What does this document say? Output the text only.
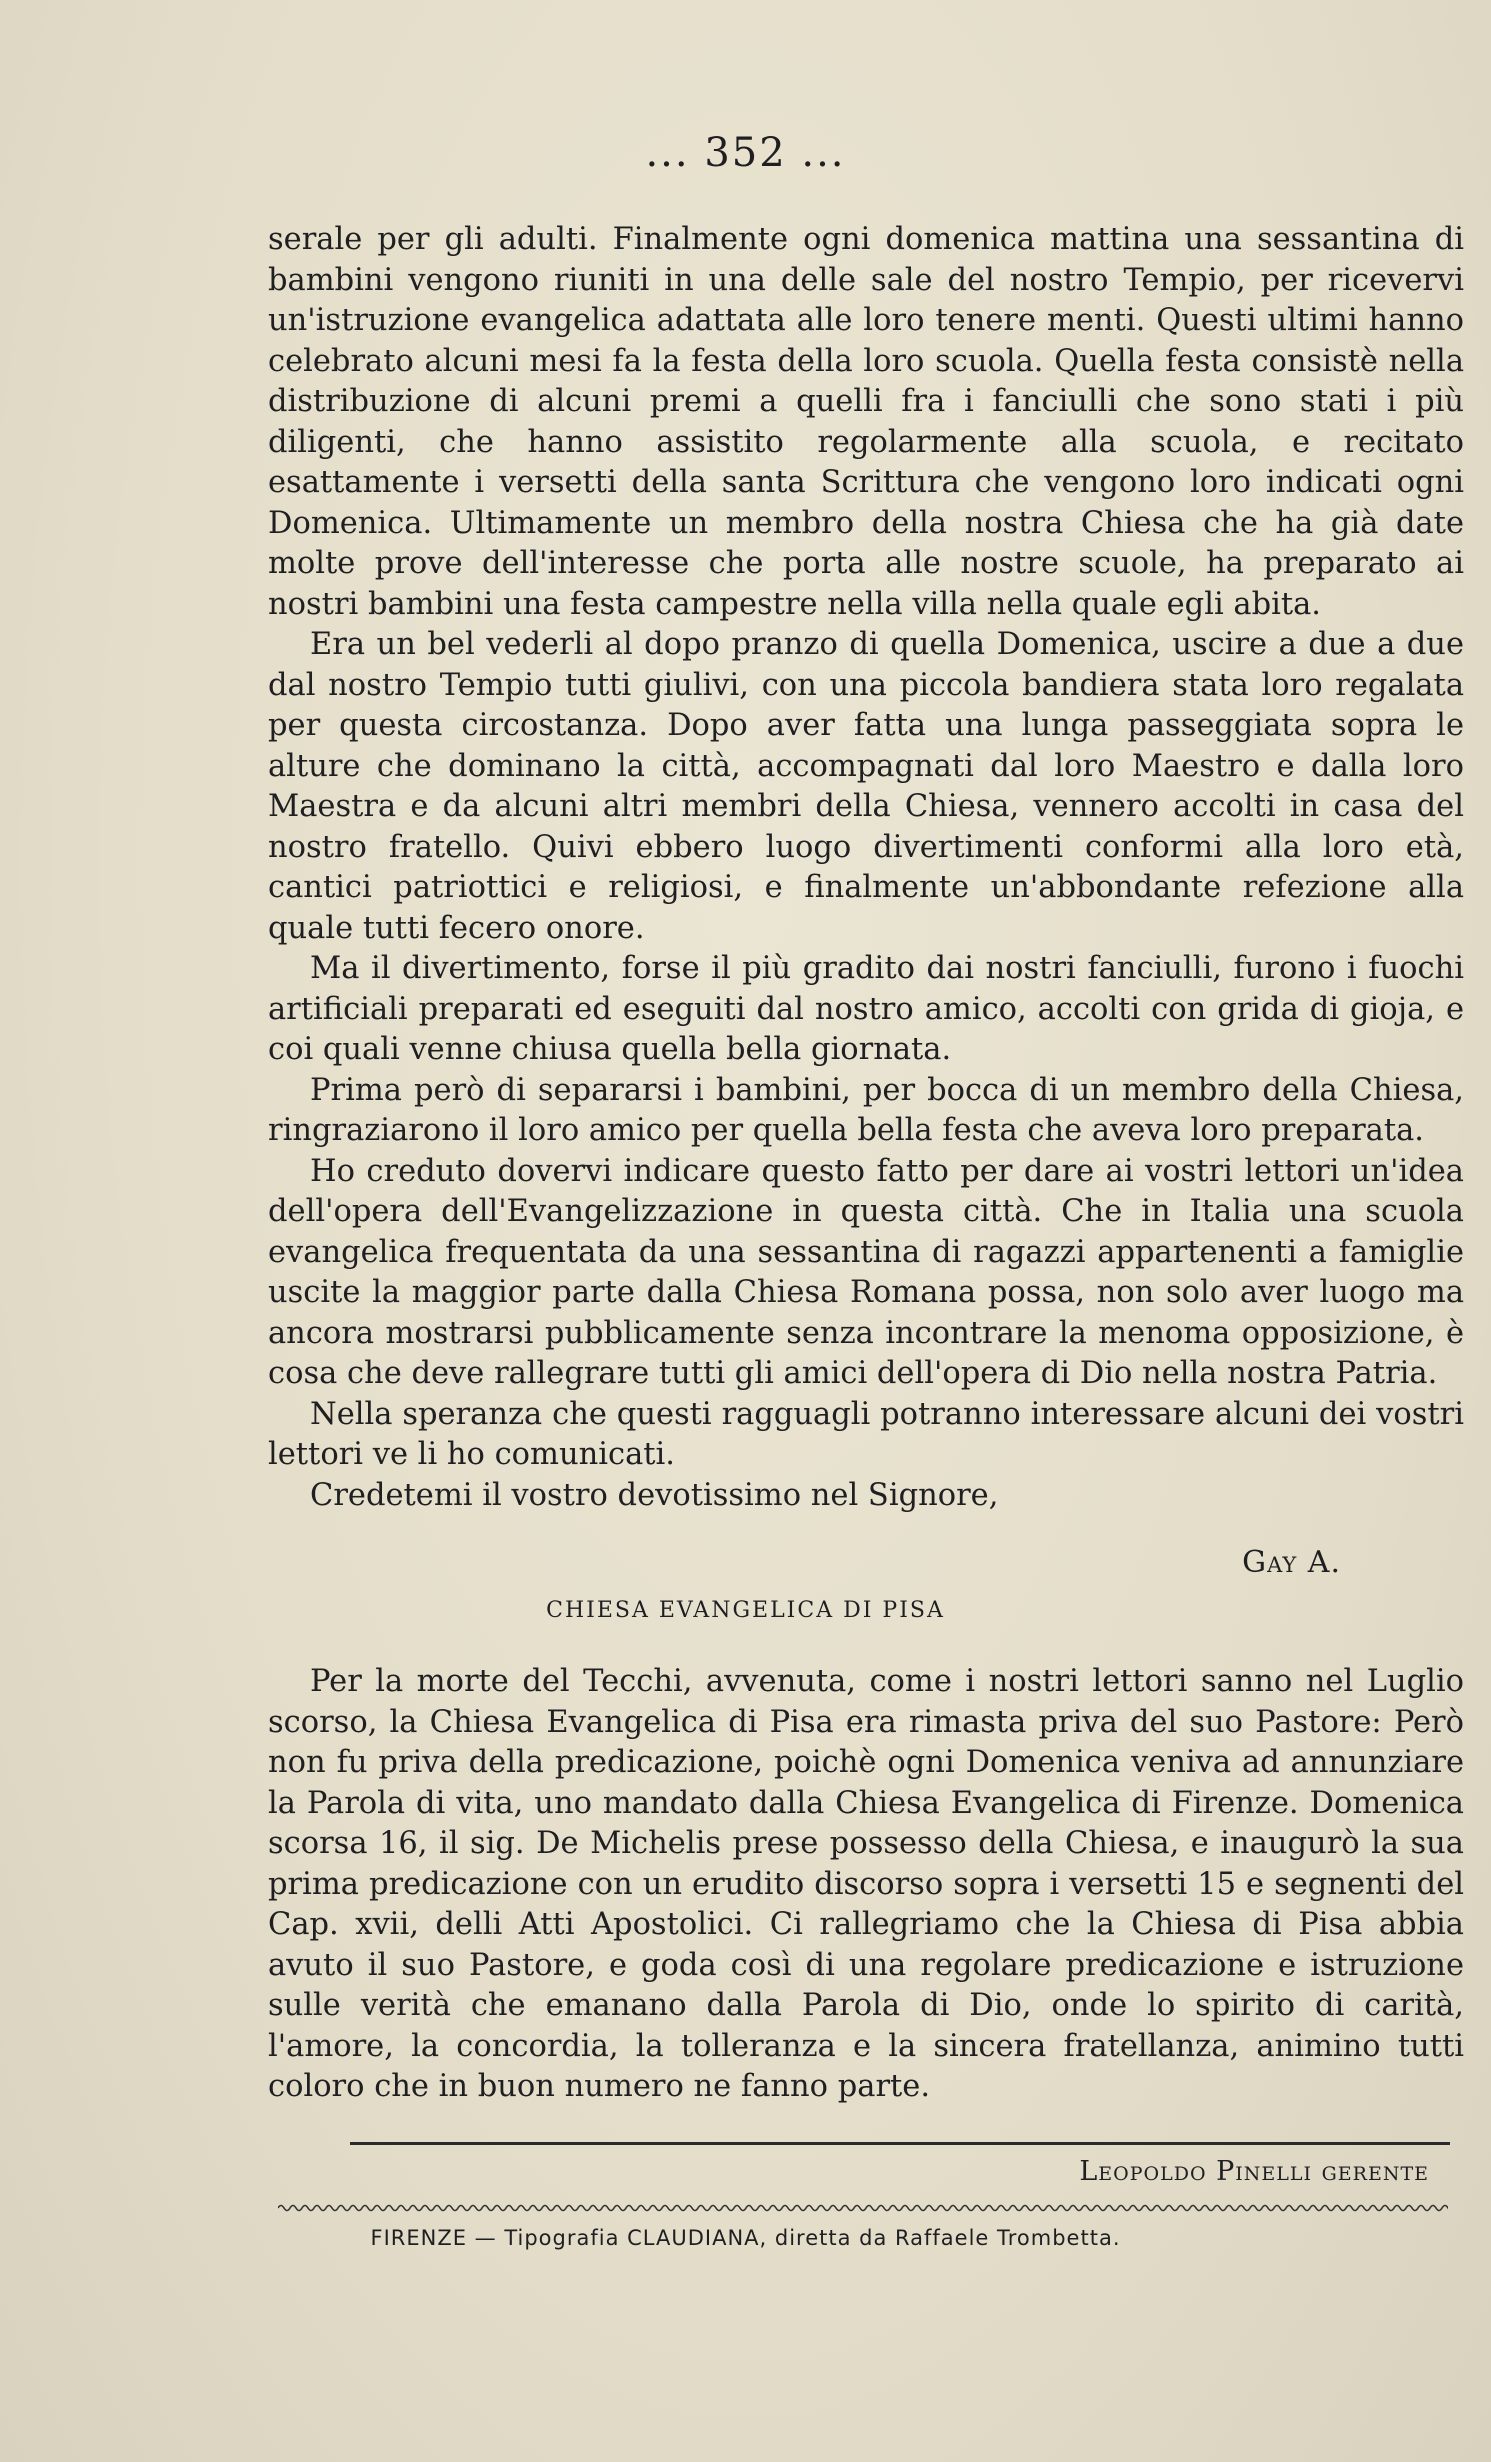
... 352 ...

serale per gli adulti. Finalmente ogni domenica mattina una sessantina di bambini vengono riuniti in una delle sale del nostro Tempio, per ricevervi un'istruzione evangelica adattata alle loro tenere menti. Questi ultimi hanno celebrato alcuni mesi fa la festa della loro scuola. Quella festa consistè nella distribuzione di alcuni premi a quelli fra i fanciulli che sono stati i più diligenti, che hanno assistito regolarmente alla scuola, e recitato esattamente i versetti della santa Scrittura che vengono loro indicati ogni Domenica. Ultimamente un membro della nostra Chiesa che ha già date molte prove dell'interesse che porta alle nostre scuole, ha preparato ai nostri bambini una festa campestre nella villa nella quale egli abita.

Era un bel vederli al dopo pranzo di quella Domenica, uscire a due a due dal nostro Tempio tutti giulivi, con una piccola bandiera stata loro regalata per questa circostanza. Dopo aver fatta una lunga passeggiata sopra le alture che dominano la città, accompagnati dal loro Maestro e dalla loro Maestra e da alcuni altri membri della Chiesa, vennero accolti in casa del nostro fratello. Quivi ebbero luogo divertimenti conformi alla loro età, cantici patriottici e religiosi, e finalmente un'abbondante refezione alla quale tutti fecero onore.

Ma il divertimento, forse il più gradito dai nostri fanciulli, furono i fuochi artificiali preparati ed eseguiti dal nostro amico, accolti con grida di gioja, e coi quali venne chiusa quella bella giornata.

Prima però di separarsi i bambini, per bocca di un membro della Chiesa, ringraziarono il loro amico per quella bella festa che aveva loro preparata.

Ho creduto dovervi indicare questo fatto per dare ai vostri lettori un'idea dell'opera dell'Evangelizzazione in questa città. Che in Italia una scuola evangelica frequentata da una sessantina di ragazzi appartenenti a famiglie uscite la maggior parte dalla Chiesa Romana possa, non solo aver luogo ma ancora mostrarsi pubblicamente senza incontrare la menoma opposizione, è cosa che deve rallegrare tutti gli amici dell'opera di Dio nella nostra Patria.

Nella speranza che questi ragguagli potranno interessare alcuni dei vostri lettori ve li ho comunicati.

Credetemi il vostro devotissimo nel Signore,

Gay A.
CHIESA EVANGELICA DI PISA

Per la morte del Tecchi, avvenuta, come i nostri lettori sanno nel Luglio scorso, la Chiesa Evangelica di Pisa era rimasta priva del suo Pastore: Però non fu priva della predicazione, poichè ogni Domenica veniva ad annunziare la Parola di vita, uno mandato dalla Chiesa Evangelica di Firenze. Domenica scorsa 16, il sig. De Michelis prese possesso della Chiesa, e inaugurò la sua prima predicazione con un erudito discorso sopra i versetti 15 e segnenti del Cap. xvii, delli Atti Apostolici. Ci rallegriamo che la Chiesa di Pisa abbia avuto il suo Pastore, e goda così di una regolare predicazione e istruzione sulle verità che emanano dalla Parola di Dio, onde lo spirito di carità, l'amore, la concordia, la tolleranza e la sincera fratellanza, animino tutti coloro che in buon numero ne fanno parte.

Leopoldo Pinelli gerente
FIRENZE — Tipografia CLAUDIANA, diretta da Raffaele Trombetta.
